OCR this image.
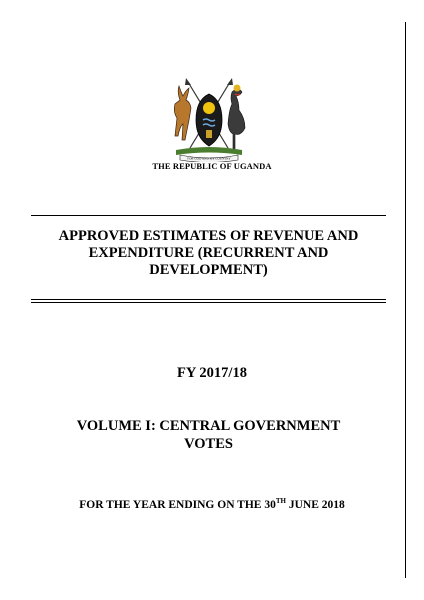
FOR GOD AND MY COUNTRY
THE REPUBLIC OF UGANDA
APPROVED ESTIMATES OF REVENUE AND
EXPENDITURE (RECURRENT AND
DEVELOPMENT)
FY 2017/18
VOLUME I: CENTRAL GOVERNMENT
VOTES
FOR THE YEAR ENDING ON THE 30TH JUNE 2018
